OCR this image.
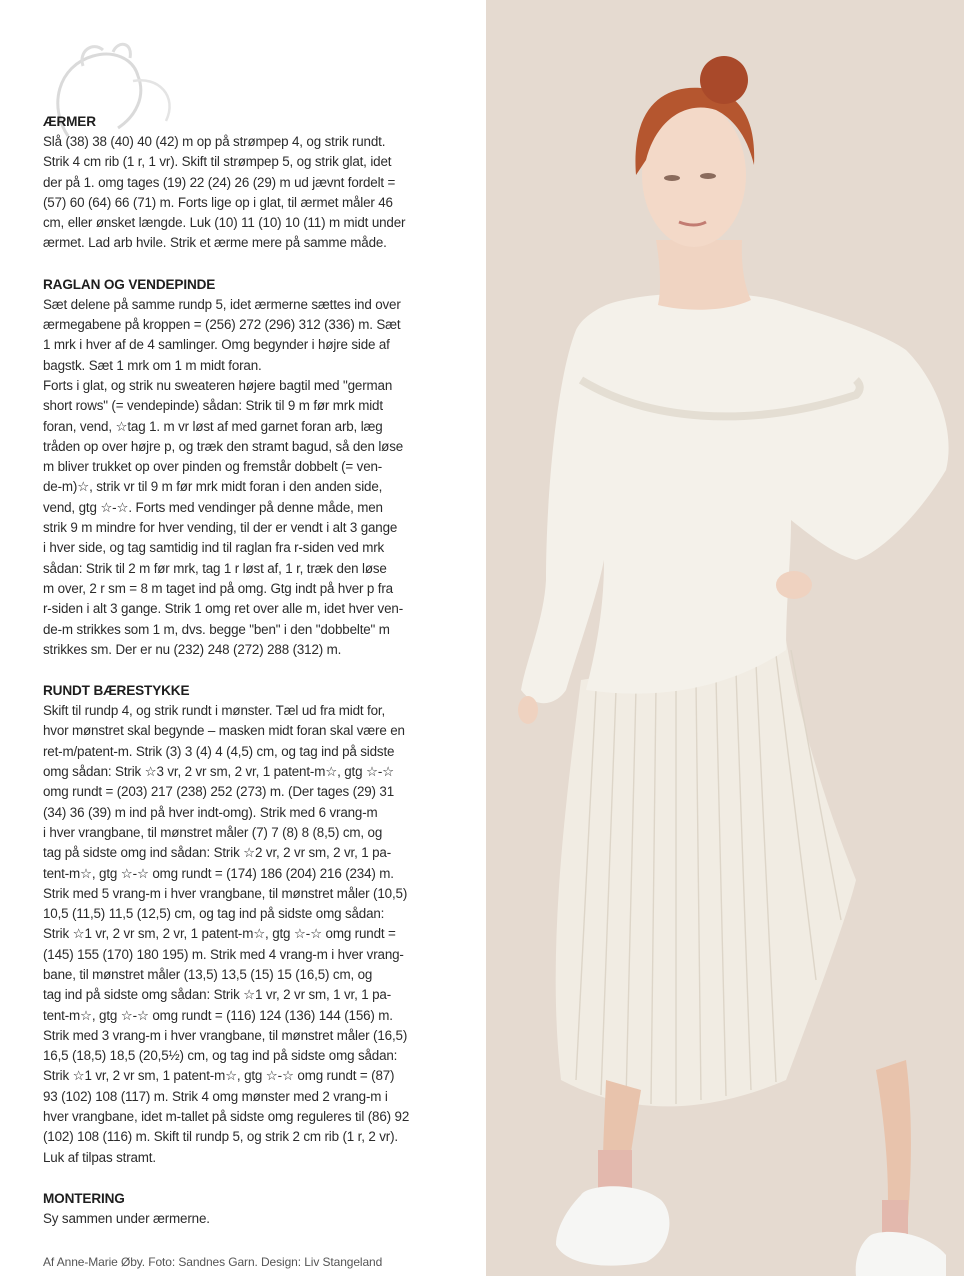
ÆRMER
Slå (38) 38 (40) 40 (42) m op på strømpep 4, og strik rundt.
Strik 4 cm rib (1 r, 1 vr). Skift til strømpep 5, og strik glat, idet
der på 1. omg tages (19) 22 (24) 26 (29) m ud jævnt fordelt =
(57) 60 (64) 66 (71) m. Forts lige op i glat, til ærmet måler 46
cm, eller ønsket længde. Luk (10) 11 (10) 10 (11) m midt under
ærmet. Lad arb hvile. Strik et ærme mere på samme måde.
RAGLAN OG VENDEPINDE
Sæt delene på samme rundp 5, idet ærmerne sættes ind over
ærmegabene på kroppen = (256) 272 (296) 312 (336) m. Sæt
1 mrk i hver af de 4 samlinger. Omg begynder i højre side af
bagstk. Sæt 1 mrk om 1 m midt foran.
Forts i glat, og strik nu sweateren højere bagtil med "german
short rows" (= vendepinde) sådan: Strik til 9 m før mrk midt
foran, vend, ☆tag 1. m vr løst af med garnet foran arb, læg
tråden op over højre p, og træk den stramt bagud, så den løse
m bliver trukket op over pinden og fremstår dobbelt (= ven-
de-m)☆, strik vr til 9 m før mrk midt foran i den anden side,
vend, gtg ☆-☆. Forts med vendinger på denne måde, men
strik 9 m mindre for hver vending, til der er vendt i alt 3 gange
i hver side, og tag samtidig ind til raglan fra r-siden ved mrk
sådan: Strik til 2 m før mrk, tag 1 r løst af, 1 r, træk den løse
m over, 2 r sm = 8 m taget ind på omg. Gtg indt på hver p fra
r-siden i alt 3 gange. Strik 1 omg ret over alle m, idet hver ven-
de-m strikkes som 1 m, dvs. begge "ben" i den "dobbelte" m
strikkes sm. Der er nu (232) 248 (272) 288 (312) m.
RUNDT BÆRESTYKKE
Skift til rundp 4, og strik rundt i mønster. Tæl ud fra midt for,
hvor mønstret skal begynde – masken midt foran skal være en
ret-m/patent-m. Strik (3) 3 (4) 4 (4,5) cm, og tag ind på sidste
omg sådan: Strik ☆3 vr, 2 vr sm, 2 vr, 1 patent-m☆, gtg ☆-☆
omg rundt = (203) 217 (238) 252 (273) m. (Der tages (29) 31
(34) 36 (39) m ind på hver indt-omg). Strik med 6 vrang-m
i hver vrangbane, til mønstret måler (7) 7 (8) 8 (8,5) cm, og
tag på sidste omg ind sådan: Strik ☆2 vr, 2 vr sm, 2 vr, 1 pa-
tent-m☆, gtg ☆-☆ omg rundt = (174) 186 (204) 216 (234) m.
Strik med 5 vrang-m i hver vrangbane, til mønstret måler (10,5)
10,5 (11,5) 11,5 (12,5) cm, og tag ind på sidste omg sådan:
Strik ☆1 vr, 2 vr sm, 2 vr, 1 patent-m☆, gtg ☆-☆ omg rundt =
(145) 155 (170) 180 195) m. Strik med 4 vrang-m i hver vrang-
bane, til mønstret måler (13,5) 13,5 (15) 15 (16,5) cm, og
tag ind på sidste omg sådan: Strik ☆1 vr, 2 vr sm, 1 vr, 1 pa-
tent-m☆, gtg ☆-☆ omg rundt = (116) 124 (136) 144 (156) m.
Strik med 3 vrang-m i hver vrangbane, til mønstret måler (16,5)
16,5 (18,5) 18,5 (20,5½) cm, og tag ind på sidste omg sådan:
Strik ☆1 vr, 2 vr sm, 1 patent-m☆, gtg ☆-☆ omg rundt = (87)
93 (102) 108 (117) m. Strik 4 omg mønster med 2 vrang-m i
hver vrangbane, idet m-tallet på sidste omg reguleres til (86) 92
(102) 108 (116) m. Skift til rundp 5, og strik 2 cm rib (1 r, 2 vr).
Luk af tilpas stramt.
MONTERING
Sy sammen under ærmerne.
Af Anne-Marie Øby. Foto: Sandnes Garn. Design: Liv Stangeland
